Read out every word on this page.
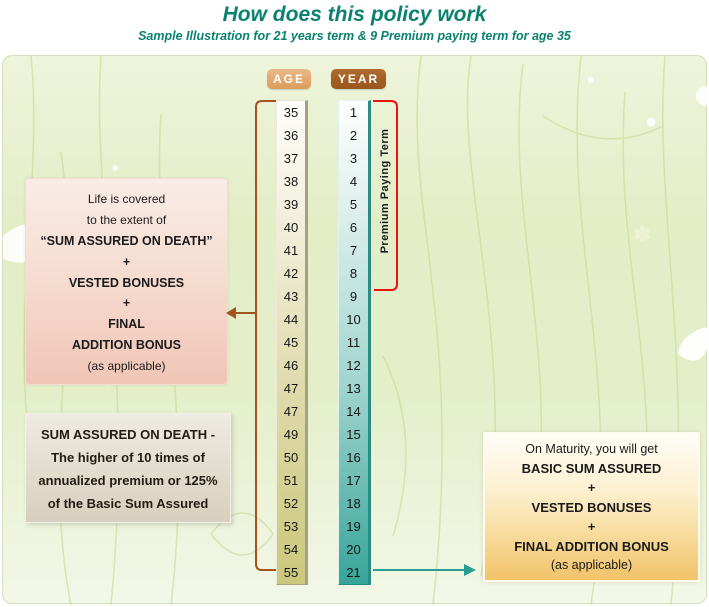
How does this policy work
Sample Illustration for 21 years term & 9 Premium paying term for age 35
✽
AGE	YEAR
35
36
37
38
39
40
41
42
43
44
45
46
47
47
49
50
51
52
53
54
55
1
2
3
4
5
6
7
8
9
10
11
12
13
14
15
16
17
18
19
20
21
Premium Paying Term
Life is covered
to the extent of
“SUM ASSURED ON DEATH”
+
VESTED BONUSES
+
FINAL
ADDITION BONUS
(as applicable)
SUM ASSURED ON DEATH -
The higher of 10 times of
annualized premium or 125%
of the Basic Sum Assured
On Maturity, you will get
BASIC SUM ASSURED
+
VESTED BONUSES
+
FINAL ADDITION BONUS
(as applicable)
